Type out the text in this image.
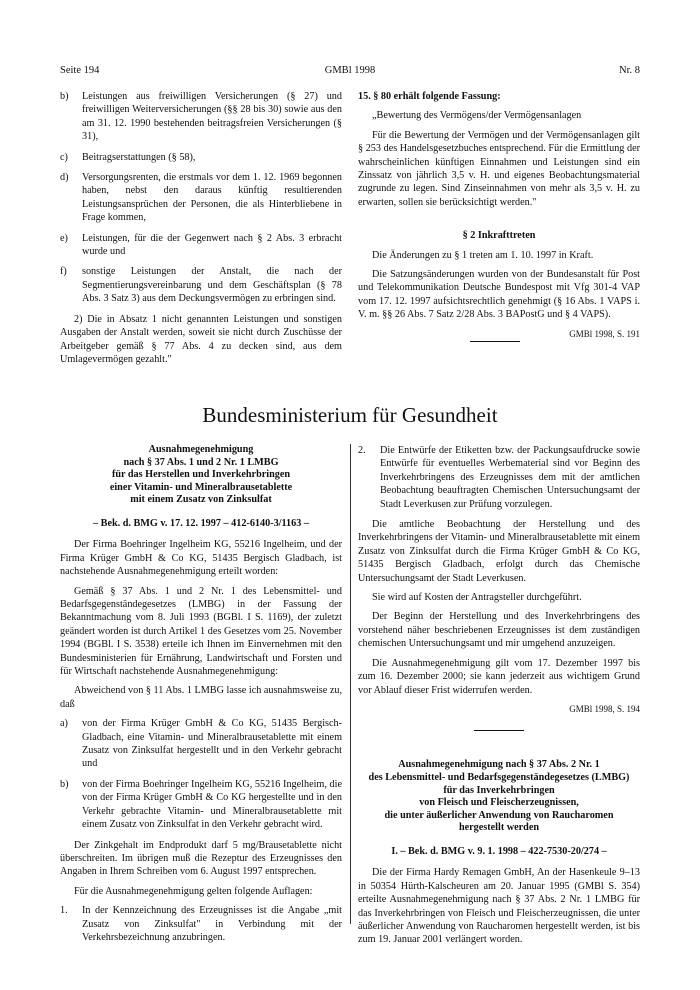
Seite 194	GMBl 1998	Nr. 8
b) Leistungen aus freiwilligen Versicherungen (§ 27) und freiwilligen Weiterversicherungen (§§ 28 bis 30) sowie aus den am 31. 12. 1990 bestehenden beitragsfreien Versicherungen (§ 31),
c) Beitragserstattungen (§ 58),
d) Versorgungsrenten, die erstmals vor dem 1. 12. 1969 begonnen haben, nebst den daraus künftig resultierenden Leistungsansprüchen der Personen, die als Hinterbliebene in Frage kommen,
e) Leistungen, für die der Gegenwert nach § 2 Abs. 3 erbracht wurde und
f) sonstige Leistungen der Anstalt, die nach der Segmentierungsvereinbarung und dem Geschäftsplan (§ 78 Abs. 3 Satz 3) aus dem Deckungsvermögen zu erbringen sind.

2) Die in Absatz 1 nicht genannten Leistungen und sonstigen Ausgaben der Anstalt werden, soweit sie nicht durch Zuschüsse der Arbeitgeber gemäß § 77 Abs. 4 zu decken sind, aus dem Umlagevermögen gezahlt."

15. § 80 erhält folgende Fassung:

„Bewertung des Vermögens/der Vermögensanlagen

Für die Bewertung der Vermögen und der Vermögensanlagen gilt § 253 des Handelsgesetzbuches entsprechend. Für die Ermittlung der wahrscheinlichen künftigen Einnahmen und Leistungen sind ein Zinssatz von jährlich 3,5 v. H. und eigenes Beobachtungsmaterial zugrunde zu legen. Sind Zinseinnahmen von mehr als 3,5 v. H. zu erwarten, sollen sie berücksichtigt werden."

§ 2 Inkrafttreten

Die Änderungen zu § 1 treten am 1. 10. 1997 in Kraft.

Die Satzungsänderungen wurden von der Bundesanstalt für Post und Telekommunikation Deutsche Bundespost mit Vfg 301-4 VAP vom 17. 12. 1997 aufsichtsrechtlich genehmigt (§ 16 Abs. 1 VAPS i. V. m. §§ 26 Abs. 7 Satz 2/28 Abs. 3 BAPostG und § 4 VAPS).

GMBl 1998, S. 191
Bundesministerium für Gesundheit
Ausnahmegenehmigung
nach § 37 Abs. 1 und 2 Nr. 1 LMBG
für das Herstellen und Inverkehrbringen
einer Vitamin- und Mineralbrausetablette
mit einem Zusatz von Zinksulfat

– Bek. d. BMG v. 17. 12. 1997 – 412-6140-3/1163 –

Der Firma Boehringer Ingelheim KG, 55216 Ingelheim, und der Firma Krüger GmbH & Co KG, 51435 Bergisch Gladbach, ist nachstehende Ausnahmegenehmigung erteilt worden:

Gemäß § 37 Abs. 1 und 2 Nr. 1 des Lebensmittel- und Bedarfsgegenständegesetzes (LMBG) in der Fassung der Bekanntmachung vom 8. Juli 1993 (BGBl. I S. 1169), der zuletzt geändert worden ist durch Artikel 1 des Gesetzes vom 25. November 1994 (BGBl. I S. 3538) erteile ich Ihnen im Einvernehmen mit den Bundesministerien für Ernährung, Landwirtschaft und Forsten und für Wirtschaft nachstehende Ausnahmegenehmigung:

Abweichend von § 11 Abs. 1 LMBG lasse ich ausnahmsweise zu, daß

a) von der Firma Krüger GmbH & Co KG, 51435 Bergisch-Gladbach, eine Vitamin- und Mineralbrausetablette mit einem Zusatz von Zinksulfat hergestellt und in den Verkehr gebracht und
b) von der Firma Boehringer Ingelheim KG, 55216 Ingelheim, die von der Firma Krüger GmbH & Co KG hergestellte und in den Verkehr gebrachte Vitamin- und Mineralbrausetablette mit einem Zusatz von Zinksulfat in den Verkehr gebracht wird.

Der Zinkgehalt im Endprodukt darf 5 mg/Brausetablette nicht überschreiten. Im übrigen muß die Rezeptur des Erzeugnisses den Angaben in Ihrem Schreiben vom 6. August 1997 entsprechen.

Für die Ausnahmegenehmigung gelten folgende Auflagen:

1. In der Kennzeichnung des Erzeugnisses ist die Angabe „mit Zusatz von Zinksulfat" in Verbindung mit der Verkehrsbezeichnung anzubringen.
2. Die Entwürfe der Etiketten bzw. der Packungsaufdrucke sowie Entwürfe für eventuelles Werbematerial sind vor Beginn des Inverkehrbringens des Erzeugnisses dem mit der amtlichen Beobachtung beauftragten Chemischen Untersuchungsamt der Stadt Leverkusen zur Prüfung vorzulegen.

Die amtliche Beobachtung der Herstellung und des Inverkehrbringens der Vitamin- und Mineralbrausetablette mit einem Zusatz von Zinksulfat durch die Firma Krüger GmbH & Co KG, 51435 Bergisch Gladbach, erfolgt durch das Chemische Untersuchungsamt der Stadt Leverkusen.

Sie wird auf Kosten der Antragsteller durchgeführt.

Der Beginn der Herstellung und des Inverkehrbringens des vorstehend näher beschriebenen Erzeugnisses ist dem zuständigen chemischen Untersuchungsamt und mir umgehend anzuzeigen.

Die Ausnahmegenehmigung gilt vom 17. Dezember 1997 bis zum 16. Dezember 2000; sie kann jederzeit aus wichtigem Grund vor Ablauf dieser Frist widerrufen werden.

GMBl 1998, S. 194
Ausnahmegenehmigung nach § 37 Abs. 2 Nr. 1
des Lebensmittel- und Bedarfsgegenständegesetzes (LMBG)
für das Inverkehrbringen
von Fleisch und Fleischerzeugnissen,
die unter äußerlicher Anwendung von Raucharomen
hergestellt werden

I. – Bek. d. BMG v. 9. 1. 1998 – 422-7530-20/274 –

Die der Firma Hardy Remagen GmbH, An der Hasenkeule 9–13 in 50354 Hürth-Kalscheuren am 20. Januar 1995 (GMBl S. 354) erteilte Ausnahmegenehmigung nach § 37 Abs. 2 Nr. 1 LMBG für das Inverkehrbringen von Fleisch und Fleischerzeugnissen, die unter äußerlicher Anwendung von Raucharomen hergestellt werden, ist bis zum 19. Januar 2001 verlängert worden.
